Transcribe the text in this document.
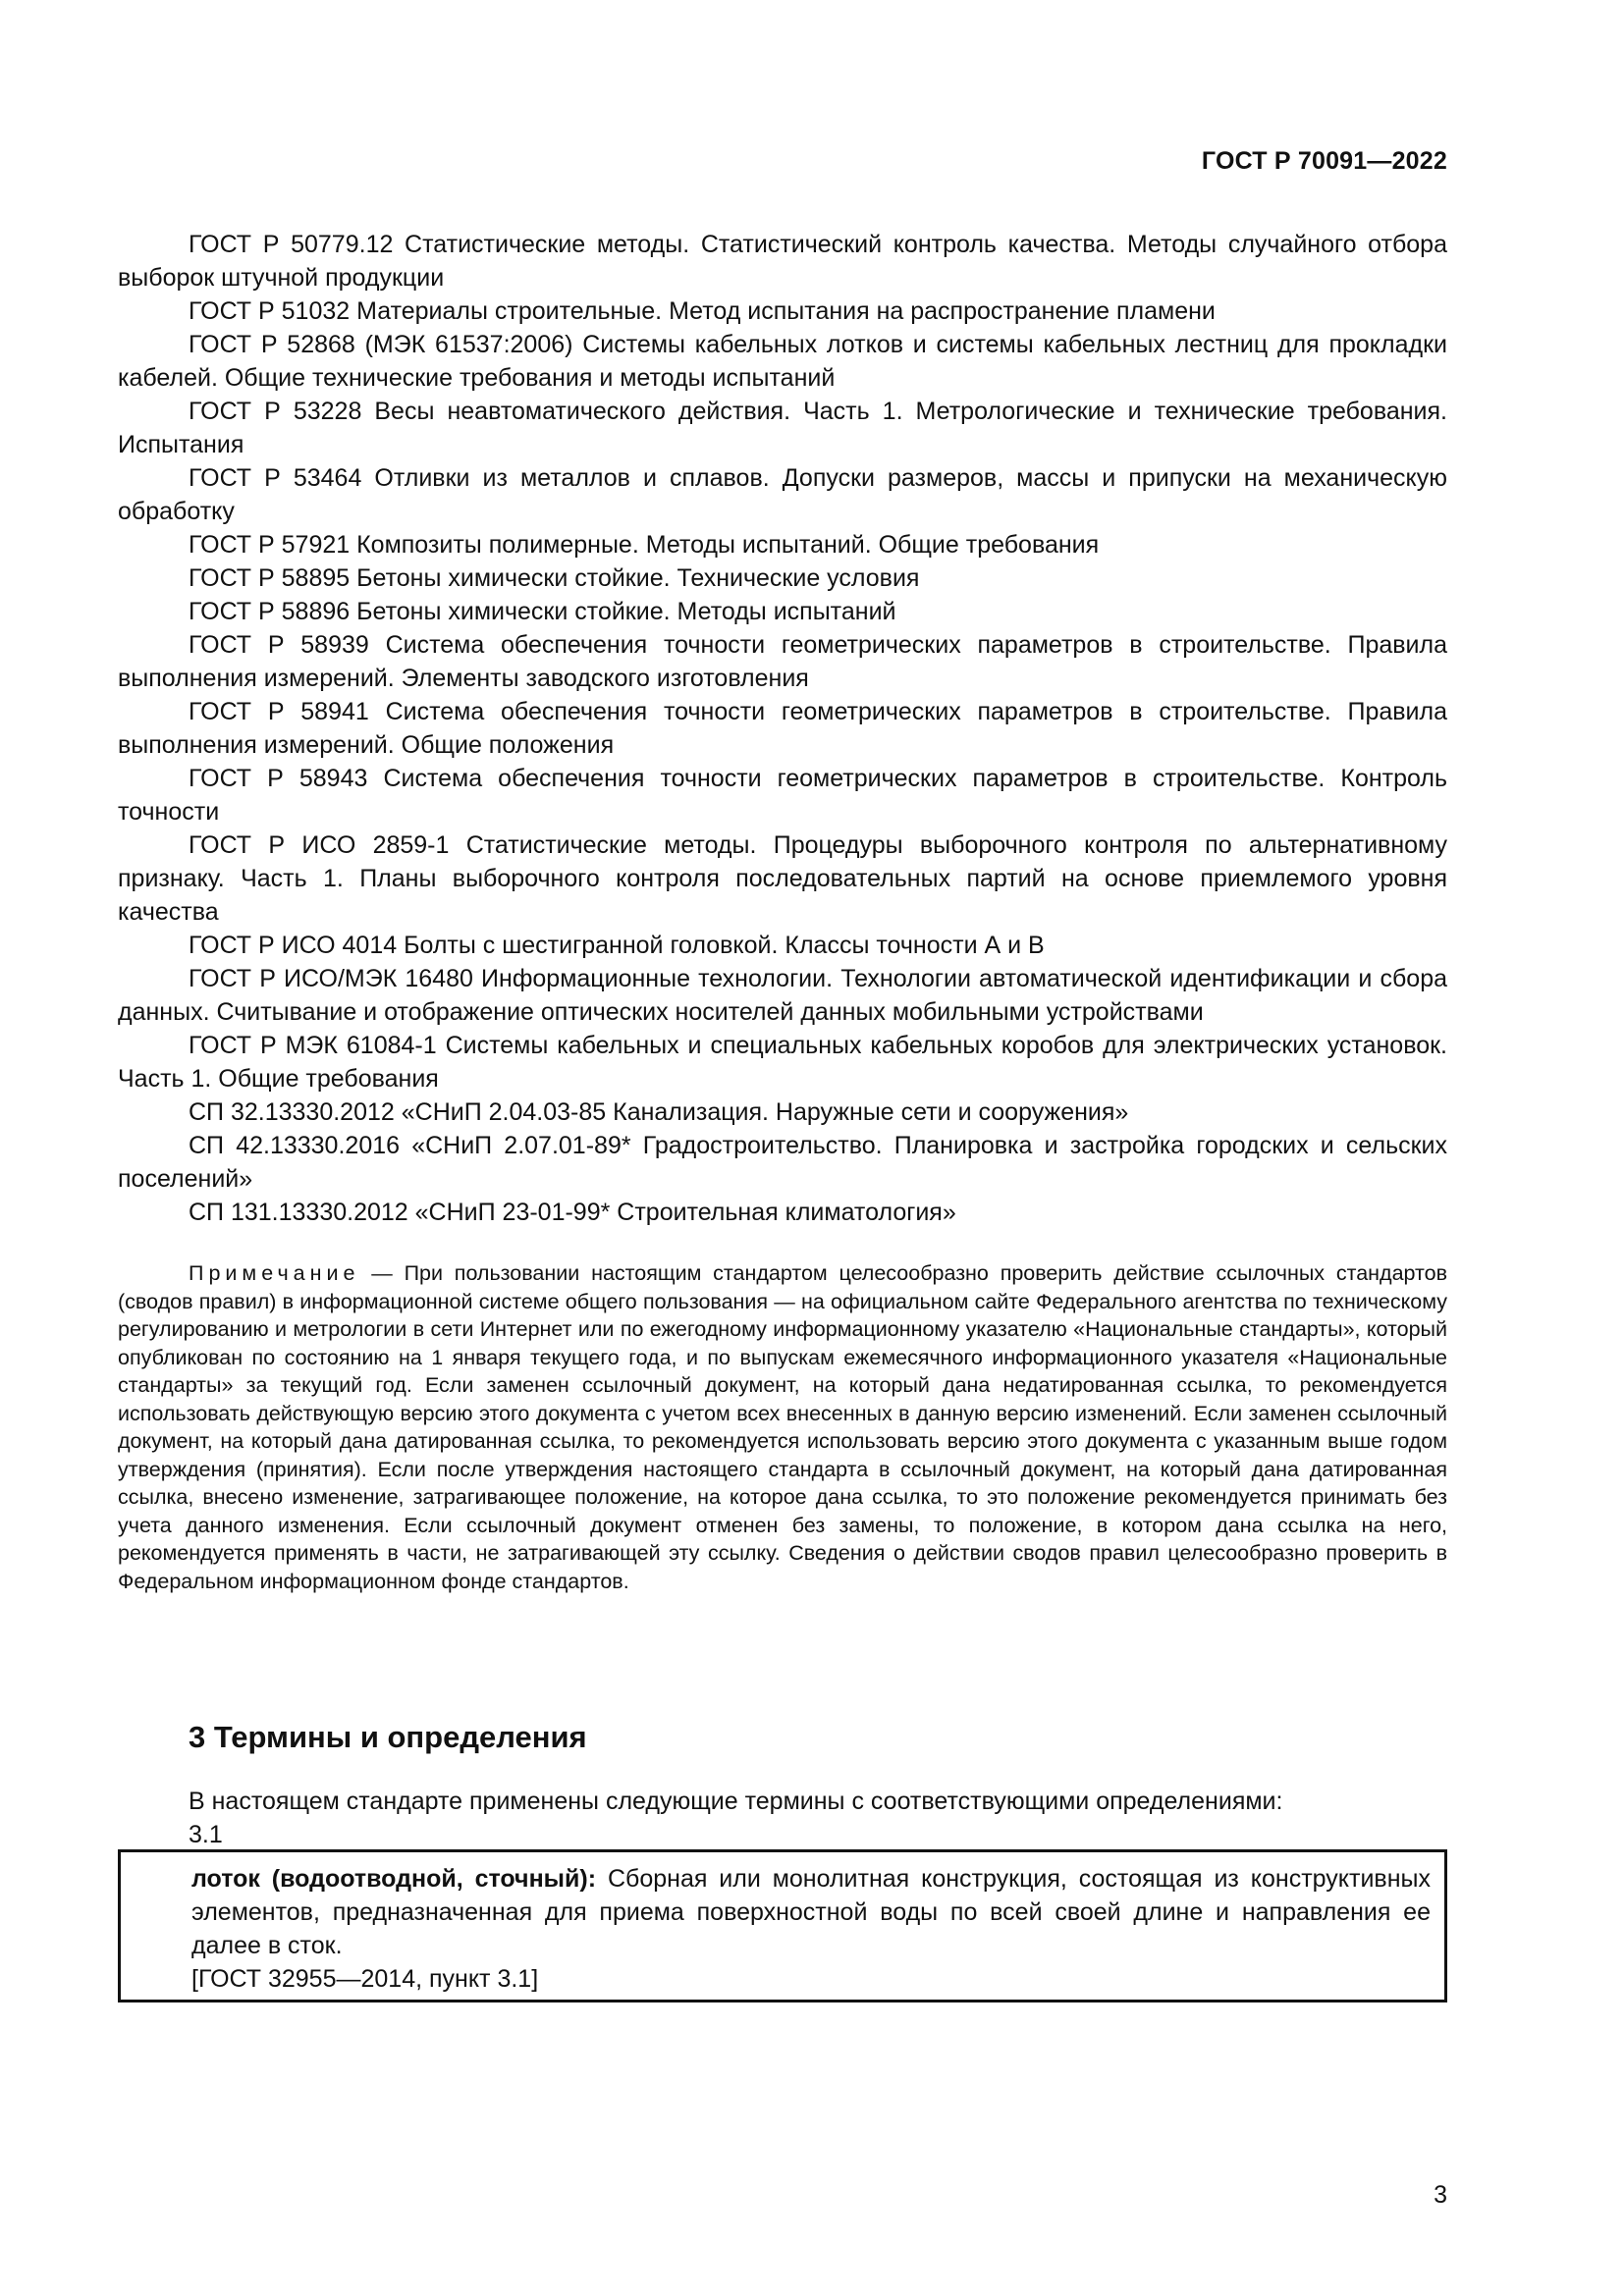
ГОСТ Р 70091—2022

ГОСТ Р 50779.12 Статистические методы. Статистический контроль качества. Методы случайного отбора выборок штучной продукции

ГОСТ Р 51032 Материалы строительные. Метод испытания на распространение пламени

ГОСТ Р 52868 (МЭК 61537:2006) Системы кабельных лотков и системы кабельных лестниц для прокладки кабелей. Общие технические требования и методы испытаний

ГОСТ Р 53228 Весы неавтоматического действия. Часть 1. Метрологические и технические требования. Испытания

ГОСТ Р 53464 Отливки из металлов и сплавов. Допуски размеров, массы и припуски на механическую обработку

ГОСТ Р 57921 Композиты полимерные. Методы испытаний. Общие требования

ГОСТ Р 58895 Бетоны химически стойкие. Технические условия

ГОСТ Р 58896 Бетоны химически стойкие. Методы испытаний

ГОСТ Р 58939 Система обеспечения точности геометрических параметров в строительстве. Правила выполнения измерений. Элементы заводского изготовления

ГОСТ Р 58941 Система обеспечения точности геометрических параметров в строительстве. Правила выполнения измерений. Общие положения

ГОСТ Р 58943 Система обеспечения точности геометрических параметров в строительстве. Контроль точности

ГОСТ Р ИСО 2859-1 Статистические методы. Процедуры выборочного контроля по альтернативному признаку. Часть 1. Планы выборочного контроля последовательных партий на основе приемлемого уровня качества

ГОСТ Р ИСО 4014 Болты с шестигранной головкой. Классы точности А и В

ГОСТ Р ИСО/МЭК 16480 Информационные технологии. Технологии автоматической идентификации и сбора данных. Считывание и отображение оптических носителей данных мобильными устройствами

ГОСТ Р МЭК 61084-1 Системы кабельных и специальных кабельных коробов для электрических установок. Часть 1. Общие требования

СП 32.13330.2012 «СНиП 2.04.03-85 Канализация. Наружные сети и сооружения»

СП 42.13330.2016 «СНиП 2.07.01-89* Градостроительство. Планировка и застройка городских и сельских поселений»

СП 131.13330.2012 «СНиП 23-01-99* Строительная климатология»

Примечание — При пользовании настоящим стандартом целесообразно проверить действие ссылочных стандартов (сводов правил) в информационной системе общего пользования — на официальном сайте Федерального агентства по техническому регулированию и метрологии в сети Интернет или по ежегодному информационному указателю «Национальные стандарты», который опубликован по состоянию на 1 января текущего года, и по выпускам ежемесячного информационного указателя «Национальные стандарты» за текущий год. Если заменен ссылочный документ, на который дана недатированная ссылка, то рекомендуется использовать действующую версию этого документа с учетом всех внесенных в данную версию изменений. Если заменен ссылочный документ, на который дана датированная ссылка, то рекомендуется использовать версию этого документа с указанным выше годом утверждения (принятия). Если после утверждения настоящего стандарта в ссылочный документ, на который дана датированная ссылка, внесено изменение, затрагивающее положение, на которое дана ссылка, то это положение рекомендуется принимать без учета данного изменения. Если ссылочный документ отменен без замены, то положение, в котором дана ссылка на него, рекомендуется применять в части, не затрагивающей эту ссылку. Сведения о действии сводов правил целесообразно проверить в Федеральном информационном фонде стандартов.

3 Термины и определения

В настоящем стандарте применены следующие термины с соответствующими определениями:

3.1

лоток (водоотводной, сточный): Сборная или монолитная конструкция, состоящая из конструктивных элементов, предназначенная для приема поверхностной воды по всей своей длине и направления ее далее в сток.

[ГОСТ 32955—2014, пункт 3.1]

3
